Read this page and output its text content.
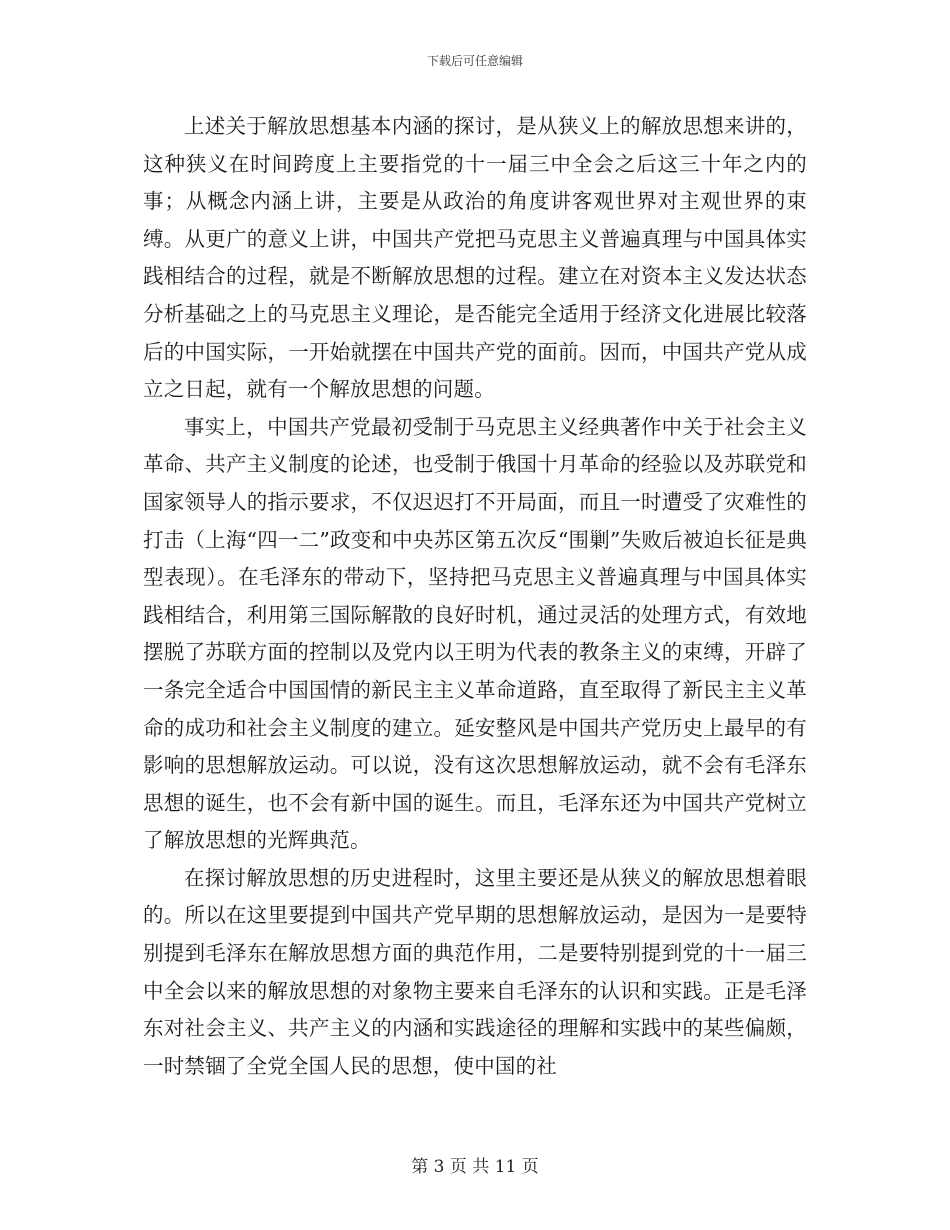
下载后可任意编辑

上述关于解放思想基本内涵的探讨，是从狭义上的解放思想来讲的，这种狭义在时间跨度上主要指党的十一届三中全会之后这三十年之内的事；从概念内涵上讲，主要是从政治的角度讲客观世界对主观世界的束缚。从更广的意义上讲，中国共产党把马克思主义普遍真理与中国具体实践相结合的过程，就是不断解放思想的过程。建立在对资本主义发达状态分析基础之上的马克思主义理论，是否能完全适用于经济文化进展比较落后的中国实际，一开始就摆在中国共产党的面前。因而，中国共产党从成立之日起，就有一个解放思想的问题。

事实上，中国共产党最初受制于马克思主义经典著作中关于社会主义革命、共产主义制度的论述，也受制于俄国十月革命的经验以及苏联党和国家领导人的指示要求，不仅迟迟打不开局面，而且一时遭受了灾难性的打击（上海“四一二”政变和中央苏区第五次反“围剿”失败后被迫长征是典型表现）。在毛泽东的带动下，坚持把马克思主义普遍真理与中国具体实践相结合，利用第三国际解散的良好时机，通过灵活的处理方式，有效地摆脱了苏联方面的控制以及党内以王明为代表的教条主义的束缚，开辟了一条完全适合中国国情的新民主主义革命道路，直至取得了新民主主义革命的成功和社会主义制度的建立。延安整风是中国共产党历史上最早的有影响的思想解放运动。可以说，没有这次思想解放运动，就不会有毛泽东思想的诞生，也不会有新中国的诞生。而且，毛泽东还为中国共产党树立了解放思想的光辉典范。

在探讨解放思想的历史进程时，这里主要还是从狭义的解放思想着眼的。所以在这里要提到中国共产党早期的思想解放运动，是因为一是要特别提到毛泽东在解放思想方面的典范作用，二是要特别提到党的十一届三中全会以来的解放思想的对象物主要来自毛泽东的认识和实践。正是毛泽东对社会主义、共产主义的内涵和实践途径的理解和实践中的某些偏颇，一时禁锢了全党全国人民的思想，使中国的社

第 3 页 共 11 页
